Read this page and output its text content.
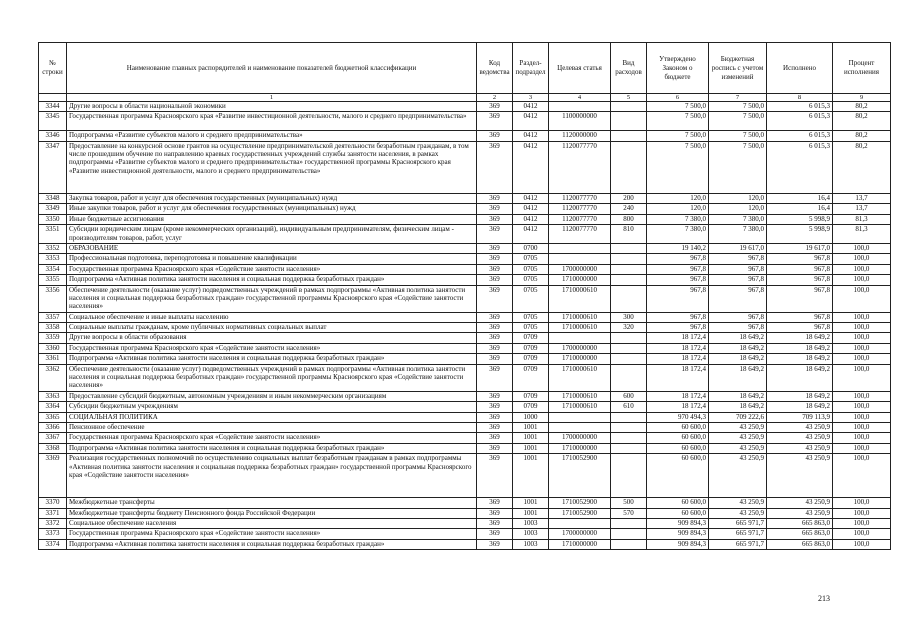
№ строки	Наименование главных распорядителей и наименование показателей бюджетной классификации	Код ведомства	Раздел-подраздел	Целевая статья	Вид расходов	Утверждено Законом о бюджете	Бюджетная роспись с учетом изменений	Исполнено	Процент исполнения
	1	2	3	4	5	6	7	8	9
3344	Другие вопросы в области национальной экономики	369	0412			7 500,0	7 500,0	6 015,3	80,2
3345	Государственная программа Красноярского края «Развитие инвестиционной деятельности, малого и среднего предпринимательства»	369	0412	1100000000		7 500,0	7 500,0	6 015,3	80,2
3346	Подпрограмма «Развитие субъектов малого и среднего предпринимательства»	369	0412	1120000000		7 500,0	7 500,0	6 015,3	80,2
3347	Предоставление на конкурсной основе грантов на осуществление предпринимательской деятельности безработным гражданам, в том числе прошедшим обучение по направлению краевых государственных учреждений службы занятости населения, в рамках подпрограммы «Развитие субъектов малого и среднего предпринимательства» государственной программы Красноярского края «Развитие инвестиционной деятельности, малого и среднего предпринимательства»	369	0412	1120077770		7 500,0	7 500,0	6 015,3	80,2
3348	Закупка товаров, работ и услуг для обеспечения государственных (муниципальных) нужд	369	0412	1120077770	200	120,0	120,0	16,4	13,7
3349	Иные закупки товаров, работ и услуг для обеспечения государственных (муниципальных) нужд	369	0412	1120077770	240	120,0	120,0	16,4	13,7
3350	Иные бюджетные ассигнования	369	0412	1120077770	800	7 380,0	7 380,0	5 998,9	81,3
3351	Субсидии юридическим лицам (кроме некоммерческих организаций), индивидуальным предпринимателям, физическим лицам - производителям товаров, работ, услуг	369	0412	1120077770	810	7 380,0	7 380,0	5 998,9	81,3
3352	ОБРАЗОВАНИЕ	369	0700			19 140,2	19 617,0	19 617,0	100,0
3353	Профессиональная подготовка, переподготовка и повышение квалификации	369	0705			967,8	967,8	967,8	100,0
3354	Государственная программа Красноярского края «Содействие занятости населения»	369	0705	1700000000		967,8	967,8	967,8	100,0
3355	Подпрограмма «Активная политика занятости населения и социальная поддержка безработных граждан»	369	0705	1710000000		967,8	967,8	967,8	100,0
3356	Обеспечение деятельности (оказание услуг) подведомственных учреждений в рамках подпрограммы «Активная политика занятости населения и социальная поддержка безработных граждан» государственной программы Красноярского края «Содействие занятости населения»	369	0705	1710000610		967,8	967,8	967,8	100,0
3357	Социальное обеспечение и иные выплаты населению	369	0705	1710000610	300	967,8	967,8	967,8	100,0
3358	Социальные выплаты гражданам, кроме публичных нормативных социальных выплат	369	0705	1710000610	320	967,8	967,8	967,8	100,0
3359	Другие вопросы в области образования	369	0709			18 172,4	18 649,2	18 649,2	100,0
3360	Государственная программа Красноярского края «Содействие занятости населения»	369	0709	1700000000		18 172,4	18 649,2	18 649,2	100,0
3361	Подпрограмма «Активная политика занятости населения и социальная поддержка безработных граждан»	369	0709	1710000000		18 172,4	18 649,2	18 649,2	100,0
3362	Обеспечение деятельности (оказание услуг) подведомственных учреждений в рамках подпрограммы «Активная политика занятости населения и социальная поддержка безработных граждан» государственной программы Красноярского края «Содействие занятости населения»	369	0709	1710000610		18 172,4	18 649,2	18 649,2	100,0
3363	Предоставление субсидий бюджетным, автономным учреждениям и иным некоммерческим организациям	369	0709	1710000610	600	18 172,4	18 649,2	18 649,2	100,0
3364	Субсидии бюджетным учреждениям	369	0709	1710000610	610	18 172,4	18 649,2	18 649,2	100,0
3365	СОЦИАЛЬНАЯ ПОЛИТИКА	369	1000			970 494,3	709 222,6	709 113,9	100,0
3366	Пенсионное обеспечение	369	1001			60 600,0	43 250,9	43 250,9	100,0
3367	Государственная программа Красноярского края «Содействие занятости населения»	369	1001	1700000000		60 600,0	43 250,9	43 250,9	100,0
3368	Подпрограмма «Активная политика занятости населения и социальная поддержка безработных граждан»	369	1001	1710000000		60 600,0	43 250,9	43 250,9	100,0
3369	Реализация государственных полномочий по осуществлению социальных выплат безработным гражданам в рамках подпрограммы «Активная политика занятости населения и социальная поддержка безработных граждан» государственной программы Красноярского края «Содействие занятости населения»	369	1001	1710052900		60 600,0	43 250,9	43 250,9	100,0
3370	Межбюджетные трансферты	369	1001	1710052900	500	60 600,0	43 250,9	43 250,9	100,0
3371	Межбюджетные трансферты бюджету Пенсионного фонда Российской Федерации	369	1001	1710052900	570	60 600,0	43 250,9	43 250,9	100,0
3372	Социальное обеспечение населения	369	1003			909 894,3	665 971,7	665 863,0	100,0
3373	Государственная программа Красноярского края «Содействие занятости населения»	369	1003	1700000000		909 894,3	665 971,7	665 863,0	100,0
3374	Подпрограмма «Активная политика занятости населения и социальная поддержка безработных граждан»	369	1003	1710000000		909 894,3	665 971,7	665 863,0	100,0
213
